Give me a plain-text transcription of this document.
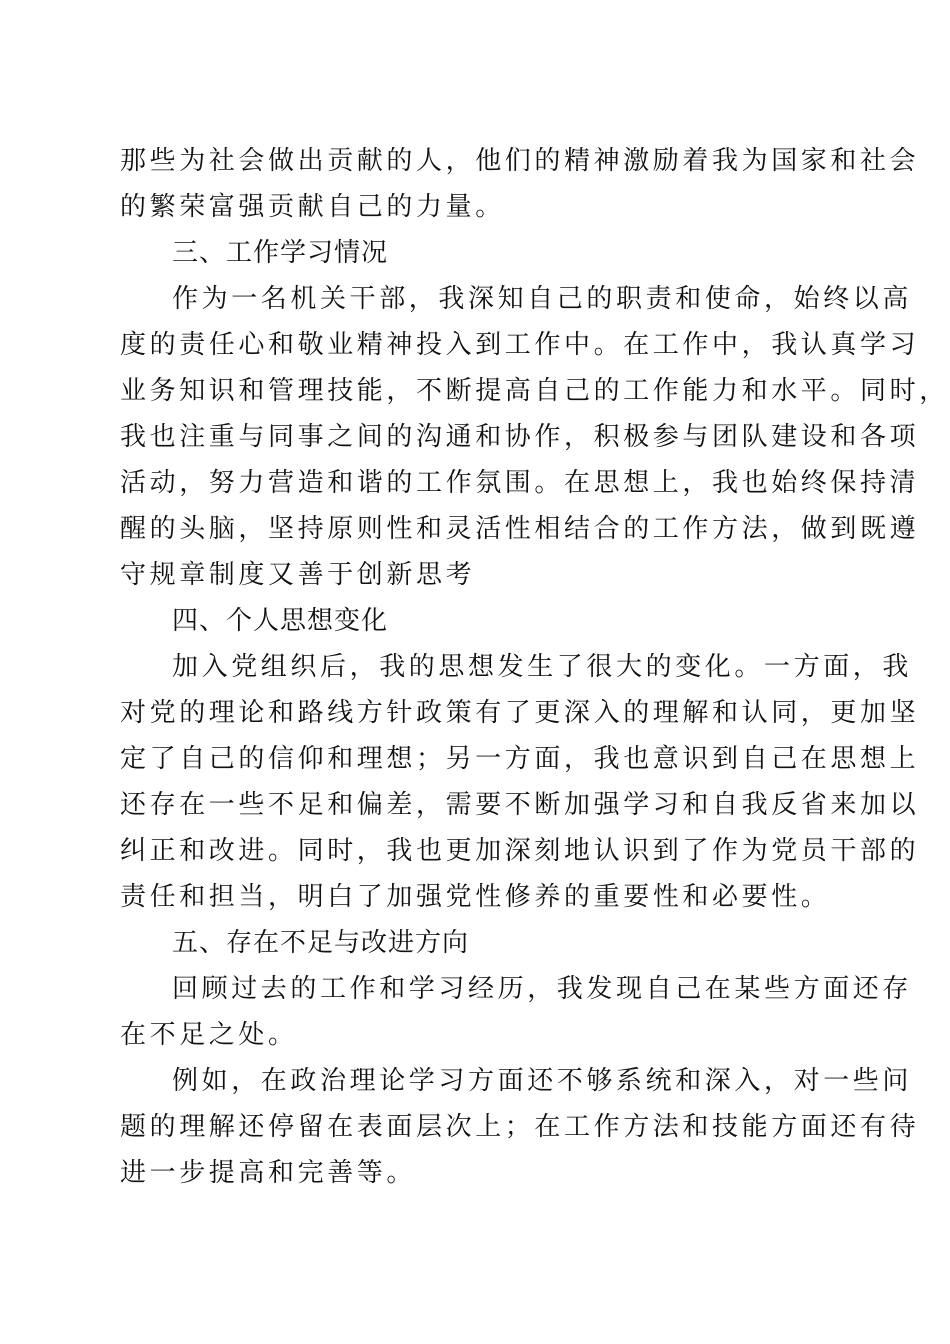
那些为社会做出贡献的人，他们的精神激励着我为国家和社会
的繁荣富强贡献自己的力量。
三、工作学习情况
作为一名机关干部，我深知自己的职责和使命，始终以高
度的责任心和敬业精神投入到工作中。在工作中，我认真学习
业务知识和管理技能，不断提高自己的工作能力和水平。同时，
我也注重与同事之间的沟通和协作，积极参与团队建设和各项
活动，努力营造和谐的工作氛围。在思想上，我也始终保持清
醒的头脑，坚持原则性和灵活性相结合的工作方法，做到既遵
守规章制度又善于创新思考
四、个人思想变化
加入党组织后，我的思想发生了很大的变化。一方面，我
对党的理论和路线方针政策有了更深入的理解和认同，更加坚
定了自己的信仰和理想；另一方面，我也意识到自己在思想上
还存在一些不足和偏差，需要不断加强学习和自我反省来加以
纠正和改进。同时，我也更加深刻地认识到了作为党员干部的
责任和担当，明白了加强党性修养的重要性和必要性。
五、存在不足与改进方向
回顾过去的工作和学习经历，我发现自己在某些方面还存
在不足之处。
例如，在政治理论学习方面还不够系统和深入，对一些问
题的理解还停留在表面层次上；在工作方法和技能方面还有待
进一步提高和完善等。
